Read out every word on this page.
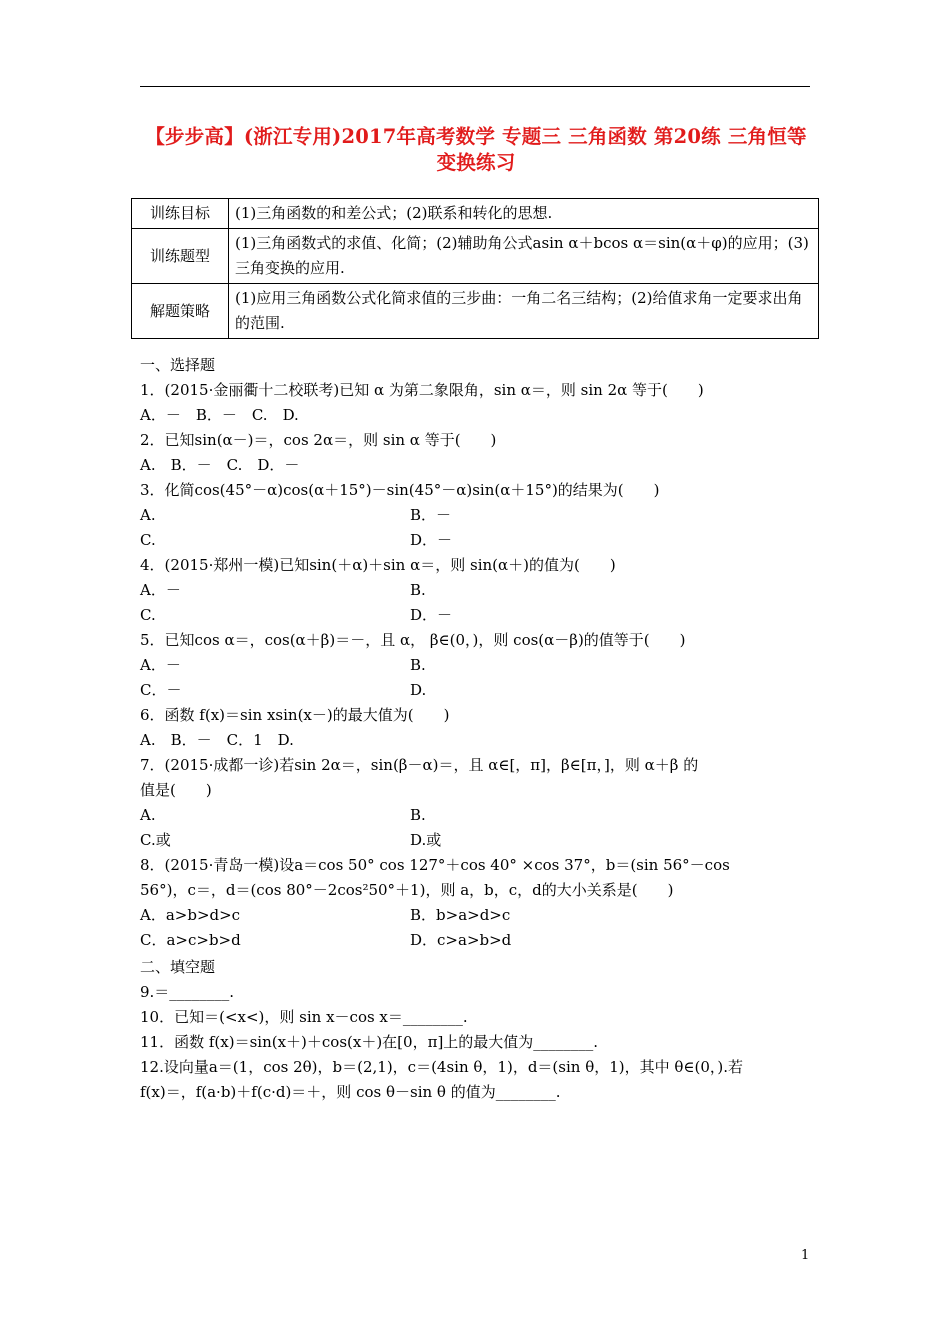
【步步高】(浙江专用)2017年高考数学 专题三 三角函数 第20练 三角恒等变换练习
训练目标	(1)三角函数的和差公式；(2)联系和转化的思想.
训练题型	(1)三角函数式的求值、化简；(2)辅助角公式asin α＋bcos α＝sin(α＋φ)的应用；(3)三角变换的应用.
解题策略	(1)应用三角函数公式化简求值的三步曲：一角二名三结构；(2)给值求角一定要求出角的范围.
一、选择题
1．(2015·金丽衢十二校联考)已知 α 为第二象限角，sin α＝，则 sin 2α 等于(　　)
A．－　B．－　C.　D.
2．已知sin(α－)＝，cos 2α＝，则 sin α 等于(　　)
A.　B．－　C.　D．－
3．化简cos(45°－α)cos(α＋15°)－sin(45°－α)sin(α＋15°)的结果为(　　)
A.	B．－
C.	D．－
4．(2015·郑州一模)已知sin(＋α)＋sin α＝，则 sin(α＋)的值为(　　)
A．－	B.
C.	D．－
5．已知cos α＝，cos(α＋β)＝－，且 α， β∈(0，)，则 cos(α－β)的值等于(　　)
A．－	B.
C．－	D.
6．函数 f(x)＝sin xsin(x－)的最大值为(　　)
A.　B．－　C．1　D.
7．(2015·成都一诊)若sin 2α＝，sin(β－α)＝，且 α∈[，π]，β∈[π，]，则 α＋β 的
值是(　　)
A.	B.
C.或	D.或
8．(2015·青岛一模)设a＝cos 50° cos 127°＋cos 40° ×cos 37°，b＝(sin 56°－cos
56°)，c＝，d＝(cos 80°－2cos²50°＋1)，则 a，b，c，d的大小关系是(　　)
A．a>b>d>c	B．b>a>d>c
C．a>c>b>d	D．c>a>b>d
二、填空题
9.＝________.
10．已知＝(<x<)，则 sin x－cos x＝________.
11．函数 f(x)＝sin(x＋)＋cos(x＋)在[0，π]上的最大值为________.
12.设向量a＝(1，cos 2θ)，b＝(2,1)，c＝(4sin θ，1)，d＝(sin θ，1)，其中 θ∈(0，).若
f(x)＝，f(a·b)＋f(c·d)＝＋，则 cos θ－sin θ 的值为________.
1
